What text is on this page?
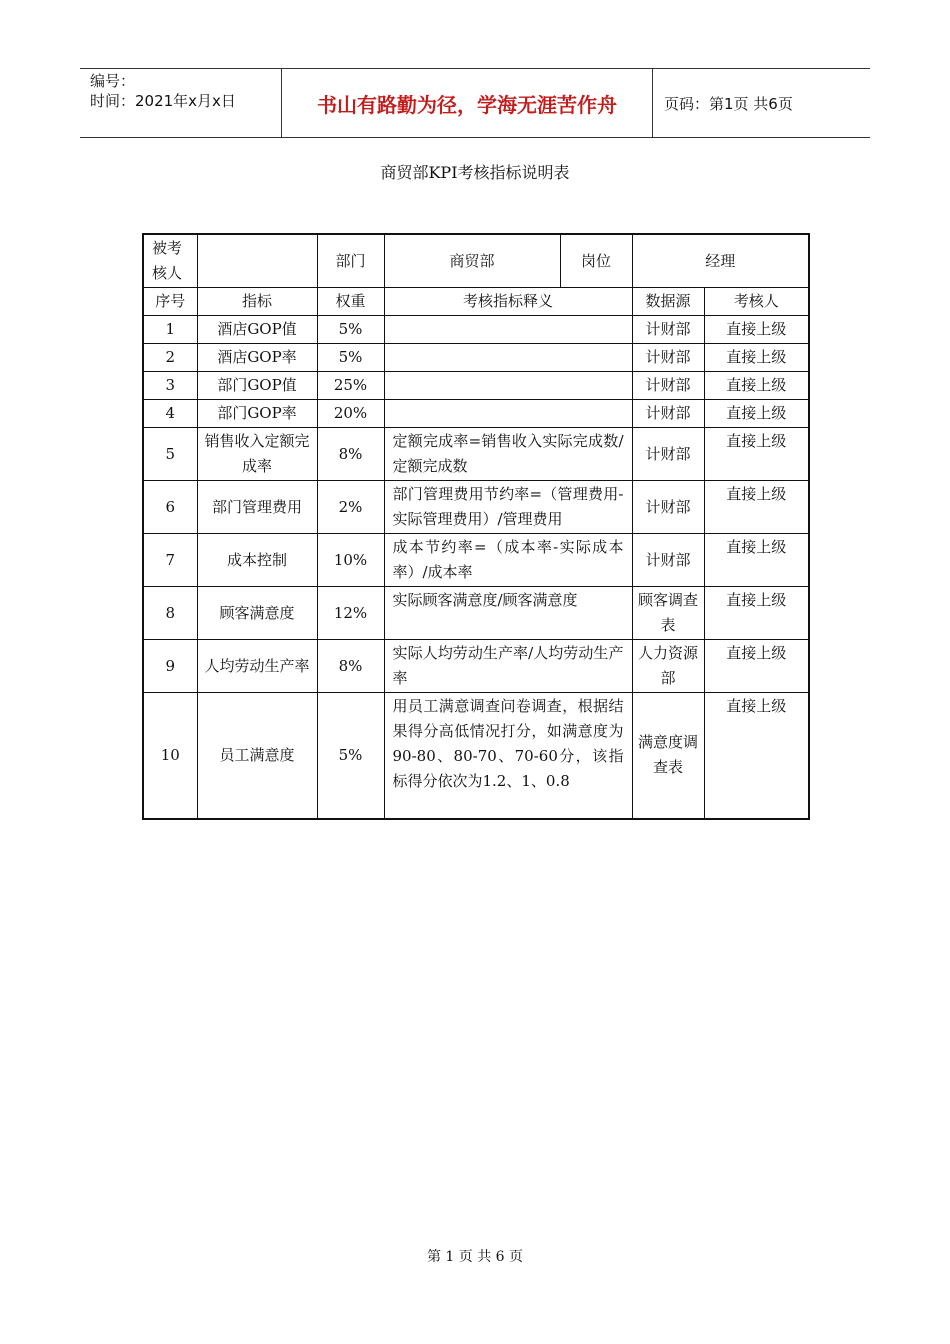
编号：
时间：2021年x月x日	书山有路勤为径，学海无涯苦作舟	页码：第1页 共6页
商贸部KPI考核指标说明表
被考核人		部门	商贸部	岗位	经理	
序号	指标	权重	考核指标释义		数据源	考核人
1	酒店GOP值	5%			计财部	直接上级
2	酒店GOP率	5%			计财部	直接上级
3	部门GOP值	25%			计财部	直接上级
4	部门GOP率	20%			计财部	直接上级
5	销售收入定额完成率	8%	定额完成率=销售收入实际完成数/定额完成数		计财部	直接上级
6	部门管理费用	2%	部门管理费用节约率=（管理费用-实际管理费用）/管理费用		计财部	直接上级
7	成本控制	10%	成本节约率=（成本率-实际成本率）/成本率		计财部	直接上级
8	顾客满意度	12%	实际顾客满意度/顾客满意度		顾客调查表	直接上级
9	人均劳动生产率	8%	实际人均劳动生产率/人均劳动生产率		人力资源部	直接上级
10	员工满意度	5%	用员工满意调查问卷调查，根据结果得分高低情况打分，如满意度为90-80、80-70、70-60分，该指标得分依次为1.2、1、0.8		满意度调查表	直接上级
第 1 页 共 6 页
